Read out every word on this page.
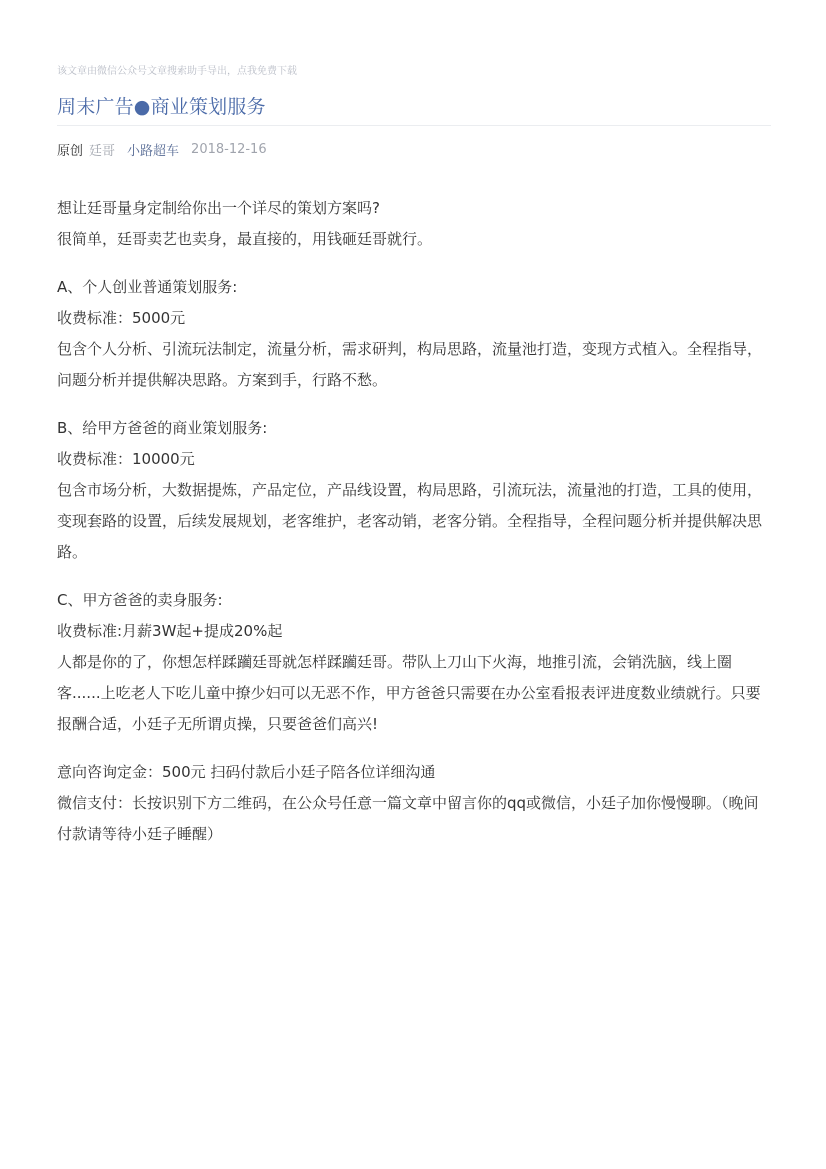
该文章由微信公众号文章搜索助手导出，点我免费下载
周末广告●商业策划服务
原创 廷哥 小路超车 2018-12-16

想让廷哥量身定制给你出一个详尽的策划方案吗?

很简单，廷哥卖艺也卖身，最直接的，用钱砸廷哥就行。

A、个人创业普通策划服务:

收费标准：5000元

包含个人分析、引流玩法制定，流量分析，需求研判，构局思路，流量池打造，变现方式植入。全程指导，问题分析并提供解决思路。方案到手，行路不愁。

B、给甲方爸爸的商业策划服务:

收费标准：10000元

包含市场分析，大数据提炼，产品定位，产品线设置，构局思路，引流玩法，流量池的打造，工具的使用，变现套路的设置，后续发展规划，老客维护，老客动销，老客分销。全程指导，全程问题分析并提供解决思路。

C、甲方爸爸的卖身服务:

收费标准:月薪3W起+提成20%起

人都是你的了，你想怎样蹂躏廷哥就怎样蹂躏廷哥。带队上刀山下火海，地推引流，会销洗脑，线上圈客......上吃老人下吃儿童中撩少妇可以无恶不作，甲方爸爸只需要在办公室看报表评进度数业绩就行。只要报酬合适，小廷子无所谓贞操，只要爸爸们高兴!

意向咨询定金：500元 扫码付款后小廷子陪各位详细沟通

微信支付：长按识别下方二维码，在公众号任意一篇文章中留言你的qq或微信，小廷子加你慢慢聊。（晚间付款请等待小廷子睡醒）
